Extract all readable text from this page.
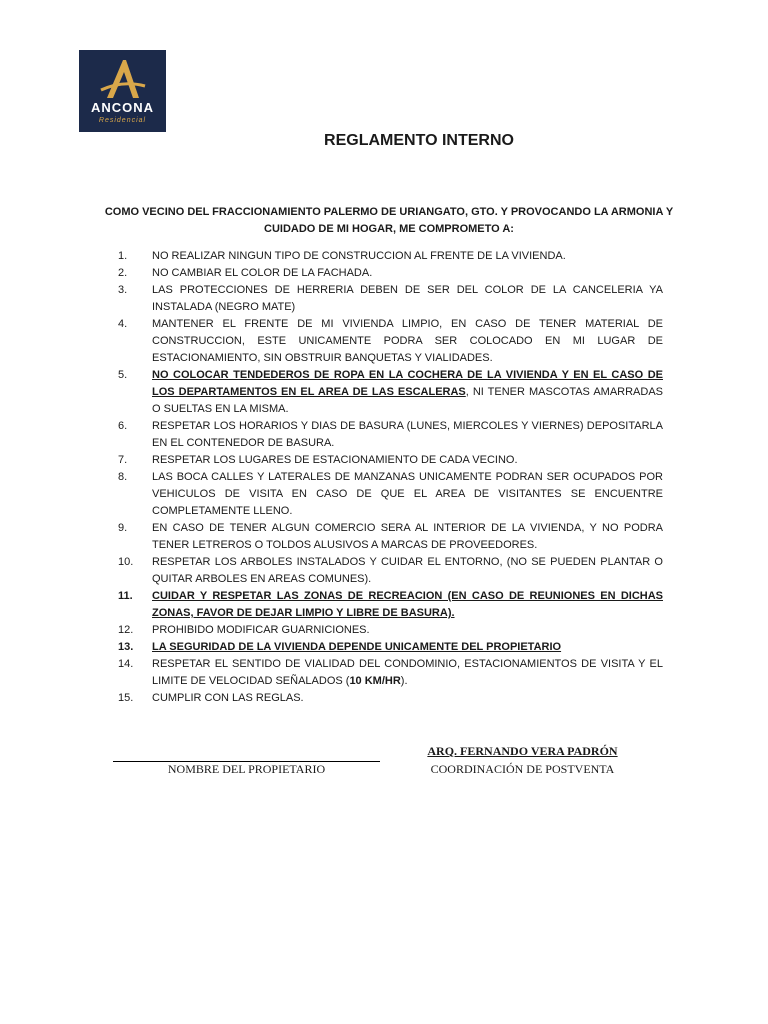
ANCONA
Residencial
REGLAMENTO INTERNO
COMO VECINO DEL FRACCIONAMIENTO PALERMO DE URIANGATO, GTO. Y PROVOCANDO LA ARMONIA Y CUIDADO DE MI HOGAR, ME COMPROMETO A:
1.	NO REALIZAR NINGUN TIPO DE CONSTRUCCION AL FRENTE DE LA VIVIENDA.
2.	NO CAMBIAR EL COLOR DE LA FACHADA.
3.	LAS PROTECCIONES DE HERRERIA DEBEN DE SER DEL COLOR DE LA CANCELERIA YA INSTALADA (NEGRO MATE)
4.	MANTENER EL FRENTE DE MI VIVIENDA LIMPIO, EN CASO DE TENER MATERIAL DE CONSTRUCCION, ESTE UNICAMENTE PODRA SER COLOCADO EN MI LUGAR DE ESTACIONAMIENTO, SIN OBSTRUIR BANQUETAS Y VIALIDADES.
5.	NO COLOCAR TENDEDEROS DE ROPA EN LA COCHERA DE LA VIVIENDA Y EN EL CASO DE LOS DEPARTAMENTOS EN EL AREA DE LAS ESCALERAS, NI TENER MASCOTAS AMARRADAS O SUELTAS EN LA MISMA.
6.	RESPETAR LOS HORARIOS Y DIAS DE BASURA (LUNES, MIERCOLES Y VIERNES) DEPOSITARLA EN EL CONTENEDOR DE BASURA.
7.	RESPETAR LOS LUGARES DE ESTACIONAMIENTO DE CADA VECINO.
8.	LAS BOCA CALLES Y LATERALES DE MANZANAS UNICAMENTE PODRAN SER OCUPADOS POR VEHICULOS DE VISITA EN CASO DE QUE EL AREA DE VISITANTES SE ENCUENTRE COMPLETAMENTE LLENO.
9.	EN CASO DE TENER ALGUN COMERCIO SERA AL INTERIOR DE LA VIVIENDA, Y NO PODRA TENER LETREROS O TOLDOS ALUSIVOS A MARCAS DE PROVEEDORES.
10.	RESPETAR LOS ARBOLES INSTALADOS Y CUIDAR EL ENTORNO, (NO SE PUEDEN PLANTAR O QUITAR ARBOLES EN AREAS COMUNES).
11.	CUIDAR Y RESPETAR LAS ZONAS DE RECREACION (EN CASO DE REUNIONES EN DICHAS ZONAS, FAVOR DE DEJAR LIMPIO Y LIBRE DE BASURA).
12.	PROHIBIDO MODIFICAR GUARNICIONES.
13.	LA SEGURIDAD DE LA VIVIENDA DEPENDE UNICAMENTE DEL PROPIETARIO
14.	RESPETAR EL SENTIDO DE VIALIDAD DEL CONDOMINIO, ESTACIONAMIENTOS DE VISITA Y EL LIMITE DE VELOCIDAD SEÑALADOS (10 KM/HR).
15.	CUMPLIR CON LAS REGLAS.
NOMBRE DEL PROPIETARIO
ARQ. FERNANDO VERA PADRÓN
COORDINACIÓN DE POSTVENTA
